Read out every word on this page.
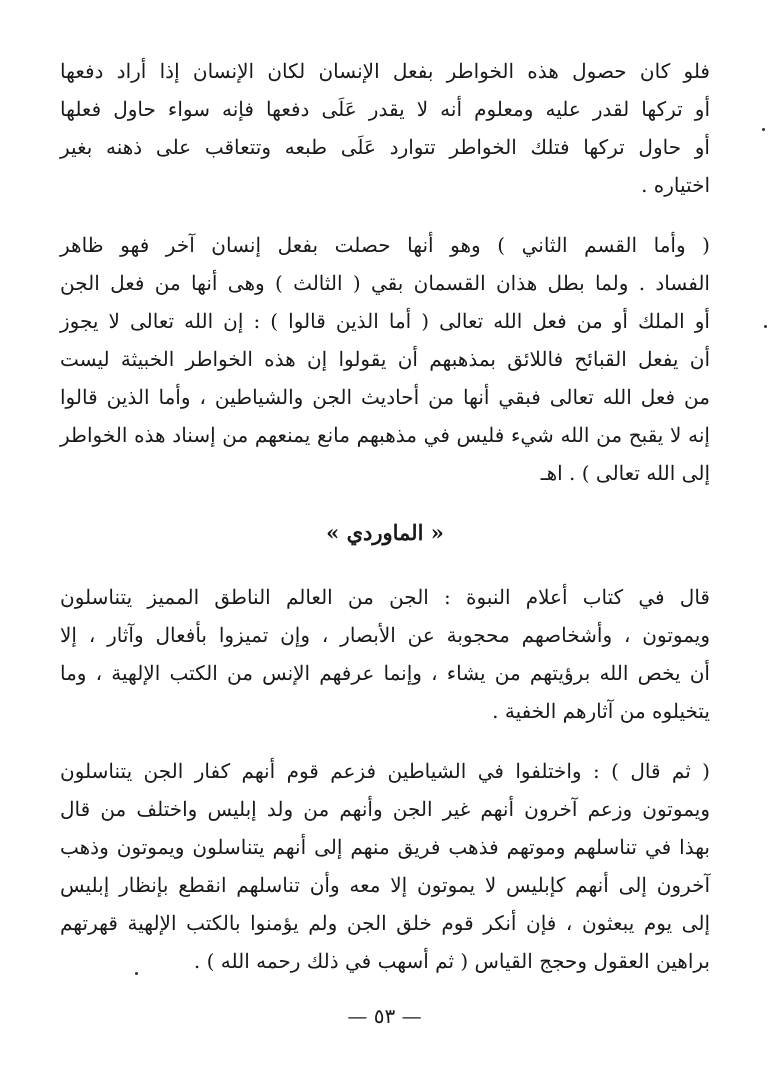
فلو كان حصول هذه الخواطر بفعل الإنسان لكان الإنسان إذا أراد دفعها
أو تركها لقدر عليه ومعلوم أنه لا يقدر عَلَى دفعها فإنه سواء حاول فعلها
أو حاول تركها فتلك الخواطر تتوارد عَلَى طبعه وتتعاقب على ذهنه بغير
اختياره .
( وأما القسم الثاني ) وهو أنها حصلت بفعل إنسان آخر فهو ظاهر
الفساد . ولما بطل هذان القسمان بقي ( الثالث ) وهى أنها من فعل الجن
أو الملك أو من فعل الله تعالى ( أما الذين قالوا ) : إن الله تعالى لا يجوز
أن يفعل القبائح فاللائق بمذهبهم أن يقولوا إن هذه الخواطر الخبيثة ليست
من فعل الله تعالى فبقي أنها من أحاديث الجن والشياطين ، وأما الذين قالوا
إنه لا يقبح من الله شيء فليس في مذهبهم مانع يمنعهم من إسناد هذه الخواطر
إلى الله تعالى ) . اهـ
« الماوردي »
قال في كتاب أعلام النبوة : الجن من العالم الناطق المميز يتناسلون
ويموتون ، وأشخاصهم محجوبة عن الأبصار ، وإن تميزوا بأفعال وآثار ، إلا
أن يخص الله برؤيتهم من يشاء ، وإنما عرفهم الإنس من الكتب الإلهية ، وما
يتخيلوه من آثارهم الخفية .
( ثم قال ) : واختلفوا في الشياطين فزعم قوم أنهم كفار الجن يتناسلون
ويموتون وزعم آخرون أنهم غير الجن وأنهم من ولد إبليس واختلف من قال
بهذا في تناسلهم وموتهم فذهب فريق منهم إلى أنهم يتناسلون ويموتون وذهب
آخرون إلى أنهم كإبليس لا يموتون إلا معه وأن تناسلهم انقطع بإنظار إبليس
إلى يوم يبعثون ، فإن أنكر قوم خلق الجن ولم يؤمنوا بالكتب الإلهية قهرتهم
براهين العقول وحجج القياس ( ثم أسهب في ذلك رحمه الله ) .
— ٥٣ —
